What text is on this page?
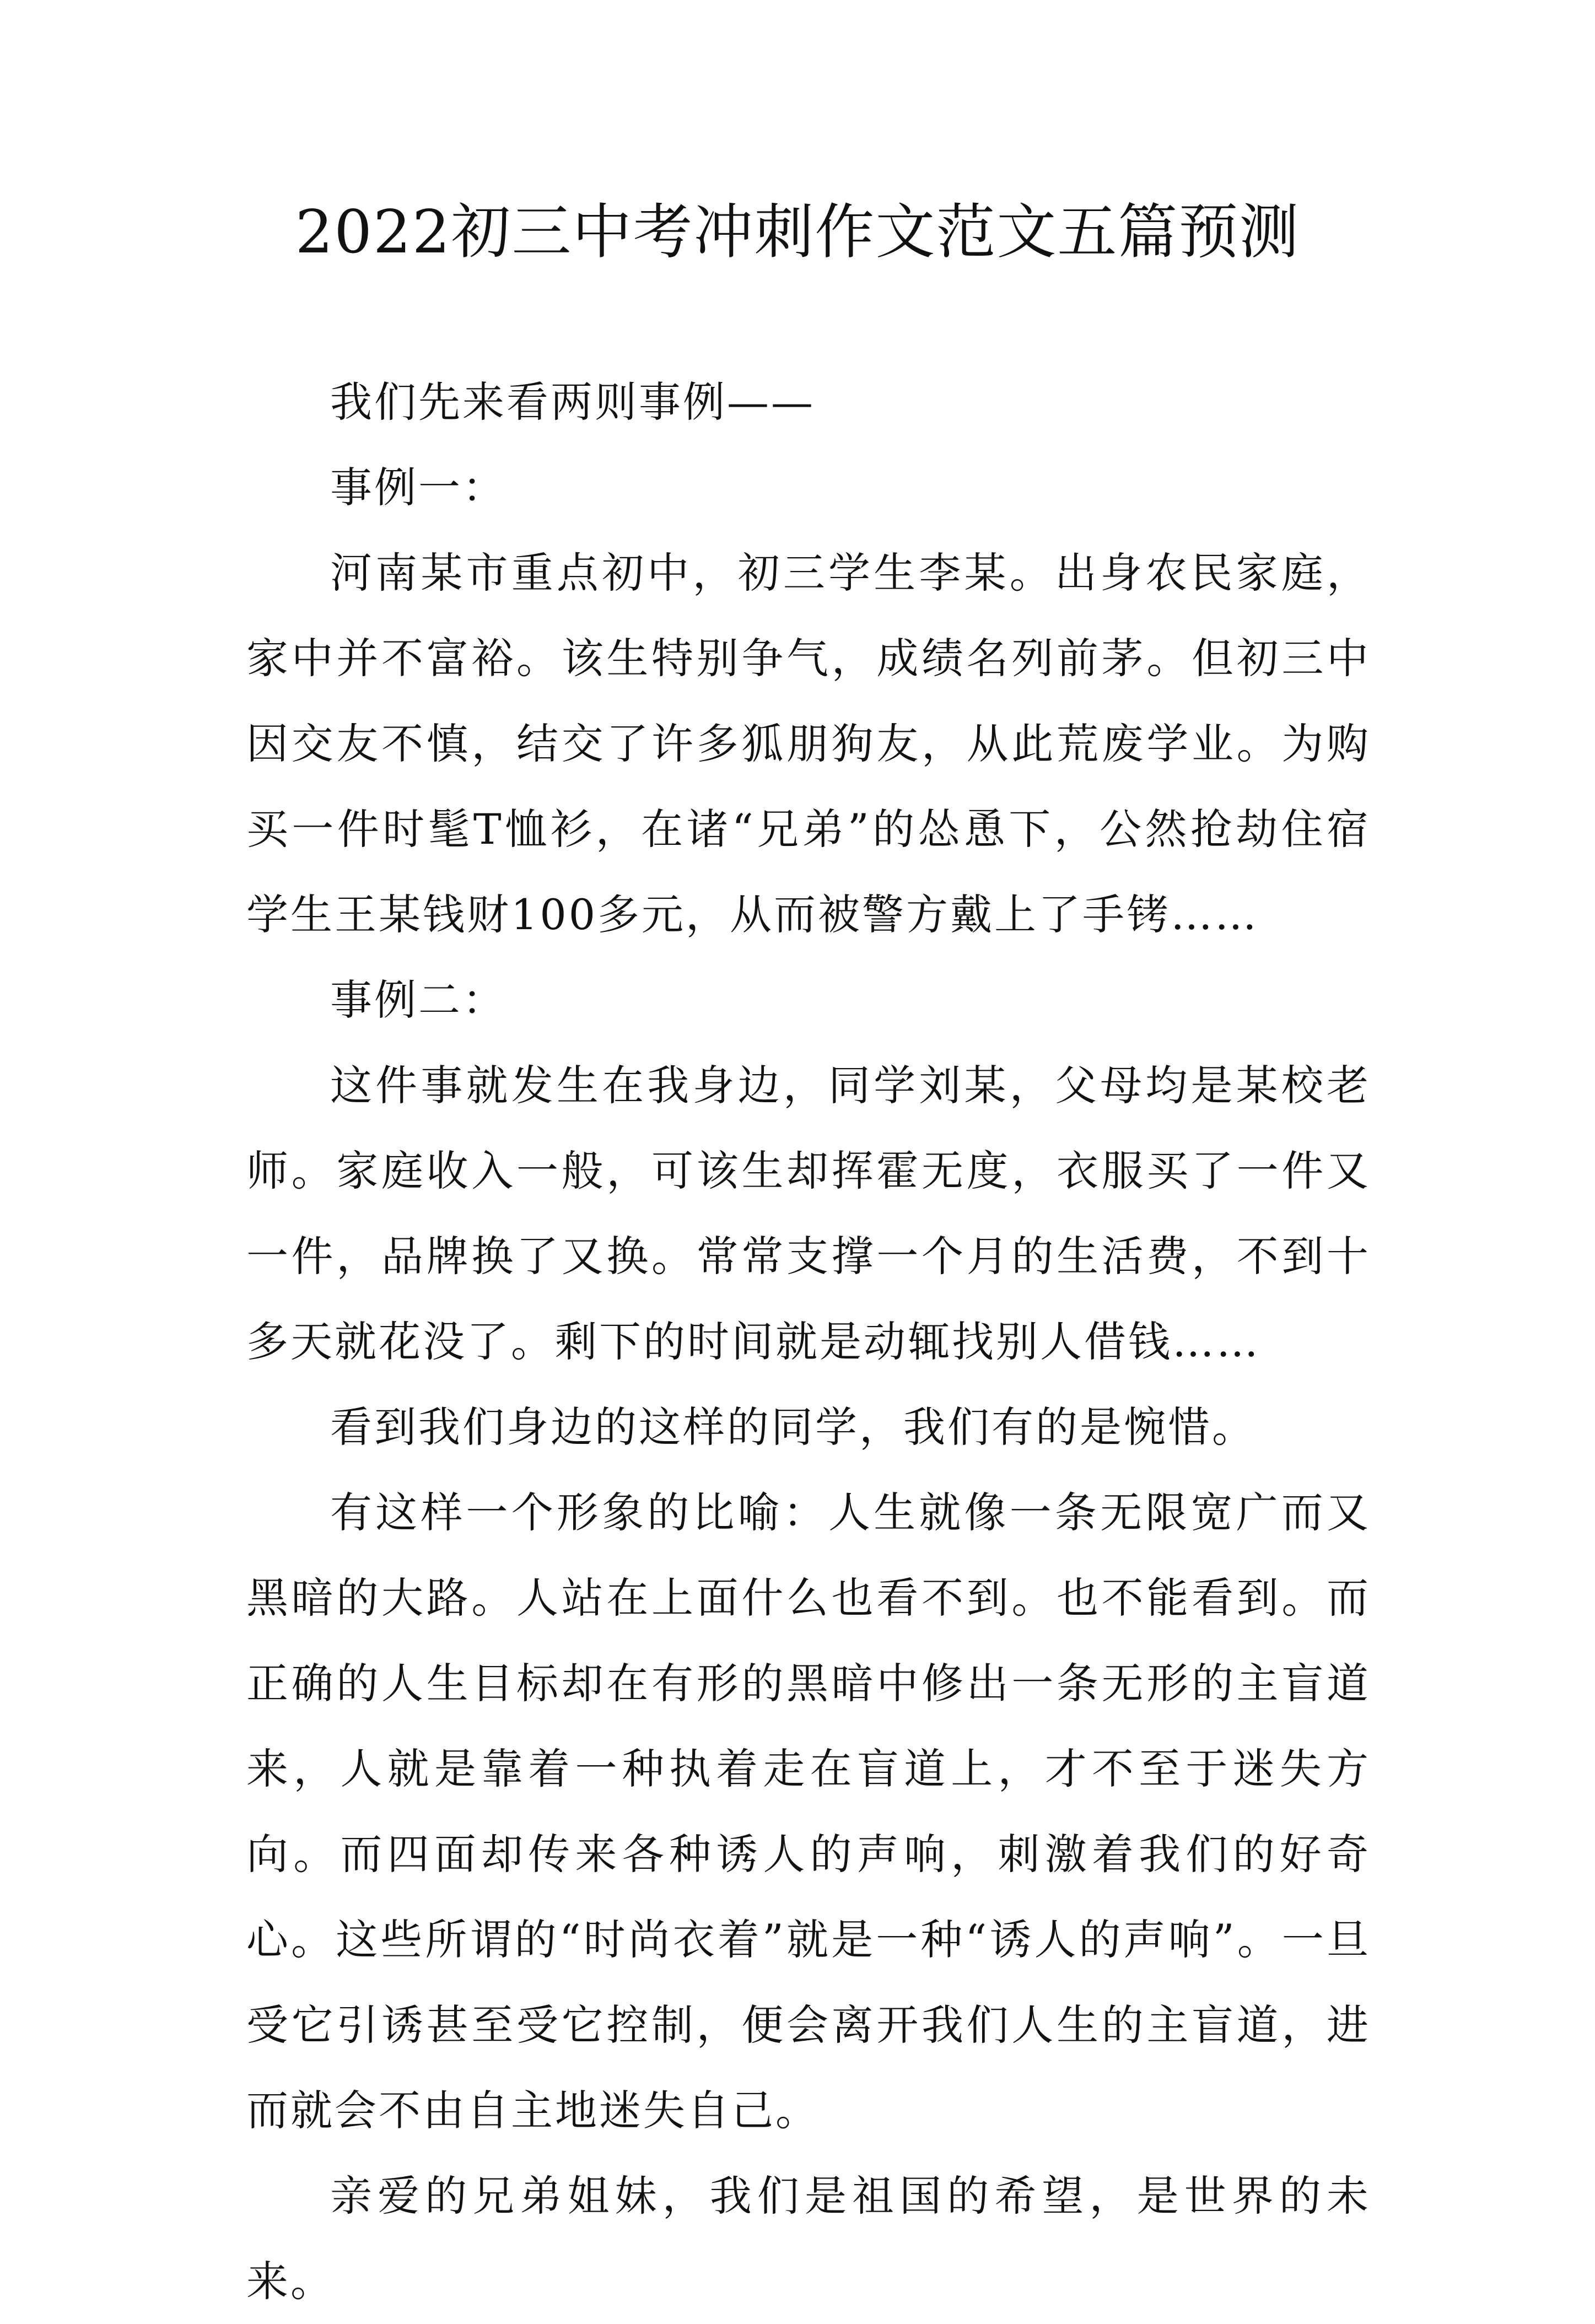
2022初三中考冲刺作文范文五篇预测

我们先来看两则事例——

事例一：

河南某市重点初中，初三学生李某。出身农民家庭，家中并不富裕。该生特别争气，成绩名列前茅。但初三中因交友不慎，结交了许多狐朋狗友，从此荒废学业。为购买一件时髦T恤衫，在诸“兄弟”的怂恿下，公然抢劫住宿学生王某钱财100多元，从而被警方戴上了手铐……

事例二：

这件事就发生在我身边，同学刘某，父母均是某校老师。家庭收入一般，可该生却挥霍无度，衣服买了一件又一件，品牌换了又换。常常支撑一个月的生活费，不到十多天就花没了。剩下的时间就是动辄找别人借钱……

看到我们身边的这样的同学，我们有的是惋惜。

有这样一个形象的比喻：人生就像一条无限宽广而又黑暗的大路。人站在上面什么也看不到。也不能看到。而正确的人生目标却在有形的黑暗中修出一条无形的主盲道来，人就是靠着一种执着走在盲道上，才不至于迷失方向。而四面却传来各种诱人的声响，刺激着我们的好奇心。这些所谓的“时尚衣着”就是一种“诱人的声响”。一旦受它引诱甚至受它控制，便会离开我们人生的主盲道，进而就会不由自主地迷失自己。

亲爱的兄弟姐妹，我们是祖国的希望，是世界的未来。
